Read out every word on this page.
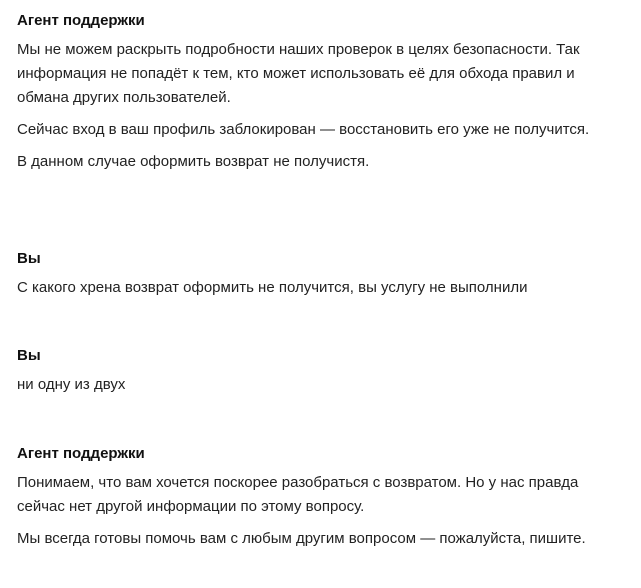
Агент поддержки

Мы не можем раскрыть подробности наших проверок в целях безопасности. Так информация не попадёт к тем, кто может использовать её для обхода правил и обмана других пользователей.

Сейчас вход в ваш профиль заблокирован — восстановить его уже не получится.

В данном случае оформить возврат не получистя.

Вы

С какого хрена возврат оформить не получится, вы услугу не выполнили

Вы

ни одну из двух

Агент поддержки

Понимаем, что вам хочется поскорее разобраться с возвратом. Но у нас правда сейчас нет другой информации по этому вопросу.

Мы всегда готовы помочь вам с любым другим вопросом — пожалуйста, пишите.
